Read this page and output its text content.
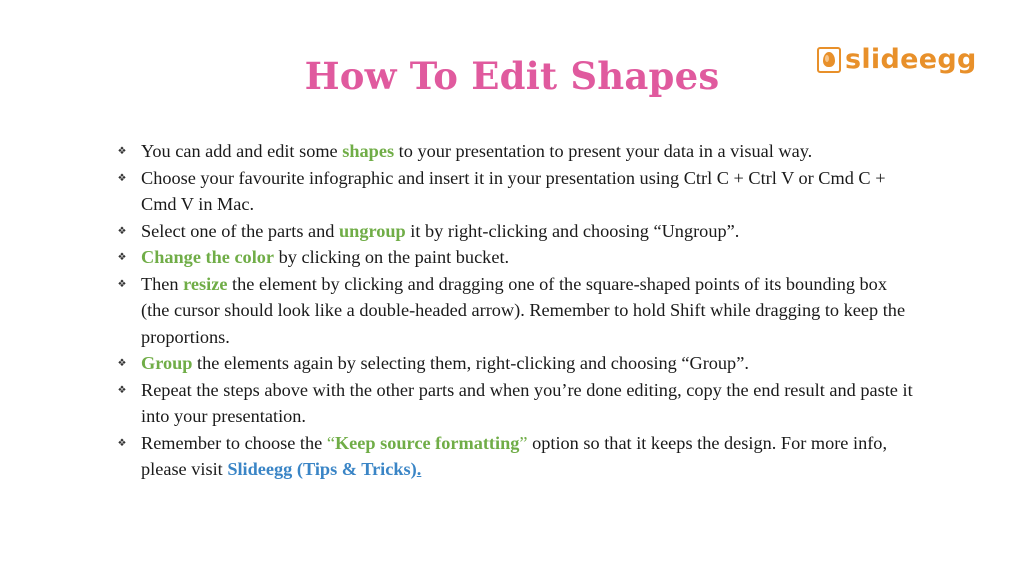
How To Edit Shapes	slideegg
❖ You can add and edit some shapes to your presentation to present your data in a visual way.
❖ Choose your favourite infographic and insert it in your presentation using Ctrl C + Ctrl V or Cmd C + Cmd V in Mac.
❖ Select one of the parts and ungroup it by right-clicking and choosing “Ungroup”.
❖ Change the color by clicking on the paint bucket.
❖ Then resize the element by clicking and dragging one of the square-shaped points of its bounding box (the cursor should look like a double-headed arrow). Remember to hold Shift while dragging to keep the proportions.
❖ Group the elements again by selecting them, right-clicking and choosing “Group”.
❖ Repeat the steps above with the other parts and when you’re done editing, copy the end result and paste it into your presentation.
❖ Remember to choose the “Keep source formatting” option so that it keeps the design. For more info, please visit Slideegg (Tips & Tricks).
